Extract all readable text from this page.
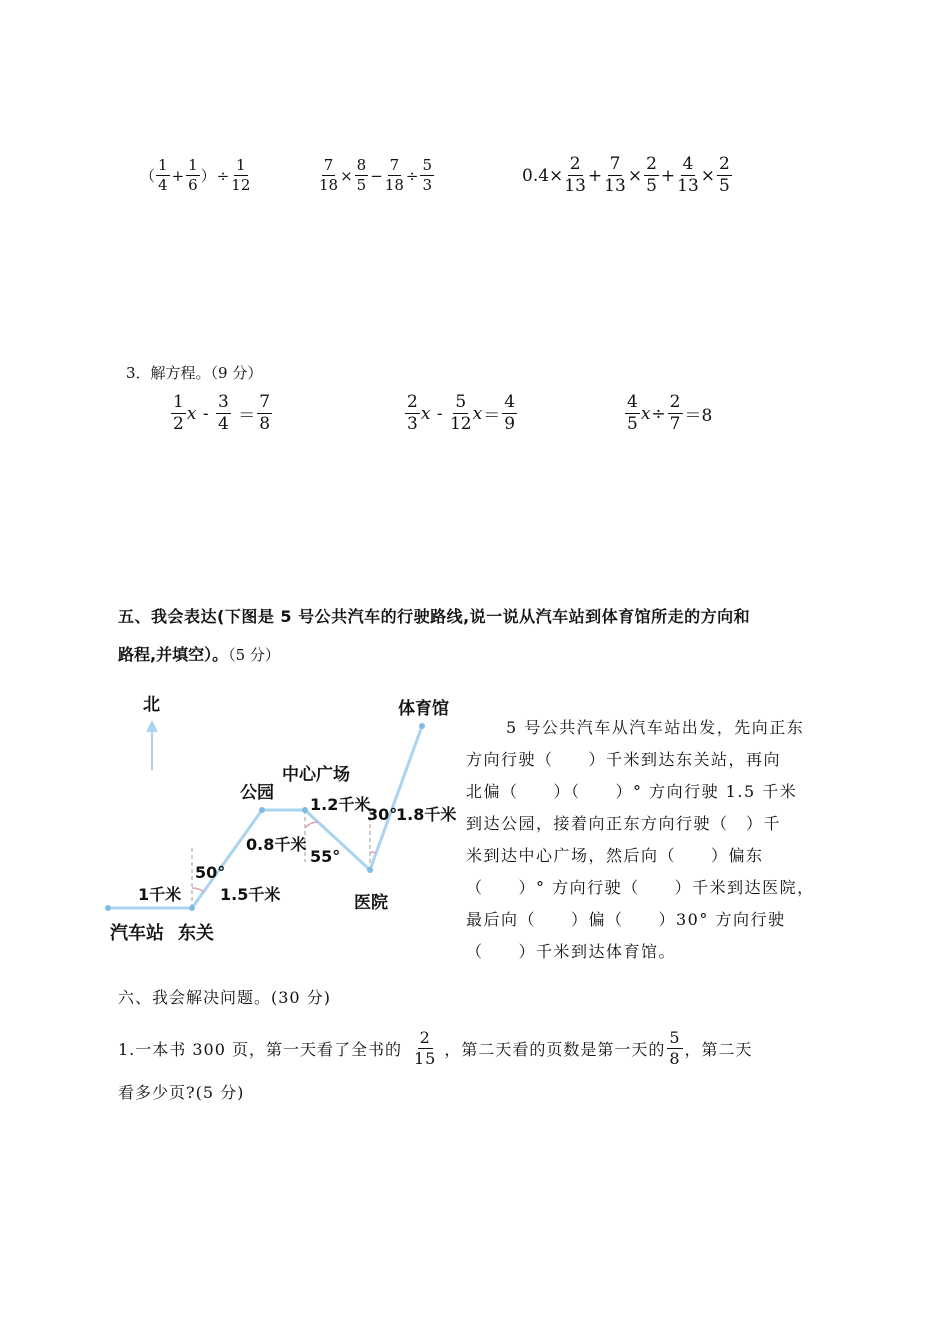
（ $\frac{1}{4} + \frac{1}{6}$ ） ÷ $\frac{1}{12}$	$\frac{7}{18} \times \frac{8}{5} - \frac{7}{18} \div \frac{5}{3}$	$0.4\times \frac{2}{13} + \frac{7}{13} \times \frac{2}{5} + \frac{4}{13} \times \frac{2}{5}$
3．解方程。（9 分）
$\frac{1}{2}$ $x - \frac{3}{4} = \frac{7}{8}$	$\frac{2}{3}$ x - $\frac{5}{12}$ $x = \frac{4}{9}$	$\frac{4}{5}$ $x \div \frac{2}{7} =8$
五、我会表达(下图是 5 号公共汽车的行驶路线,说一说从汽车站到体育馆所走的方向和
路程,并填空）。（5 分）
北
汽车站 东关
公园
中心广场
医院
体育馆
1千米 1.5千米
0.8千米
1.2千米
1.8千米
50°
55°
30°
5 号公共汽车从汽车站出发，先向正东
方向行驶（　　）千米到达东关站，再向
北偏（　　）（　　）° 方向行驶 1.5 千米
到达公园，接着向正东方向行驶（　）千
米到达中心广场，然后向（　　）偏东
（　　）° 方向行驶（　　）千米到达医院，
最后向（　　）偏（　　）30° 方向行驶
（　　）千米到达体育馆。
六、我会解决问题。(30 分)
1.一本书 300 页，第一天看了全书的 $\frac{2}{15}$ ，第二天看的页数是第一天的 $\frac{5}{8}$ ，第二天
看多少页?(5 分)
